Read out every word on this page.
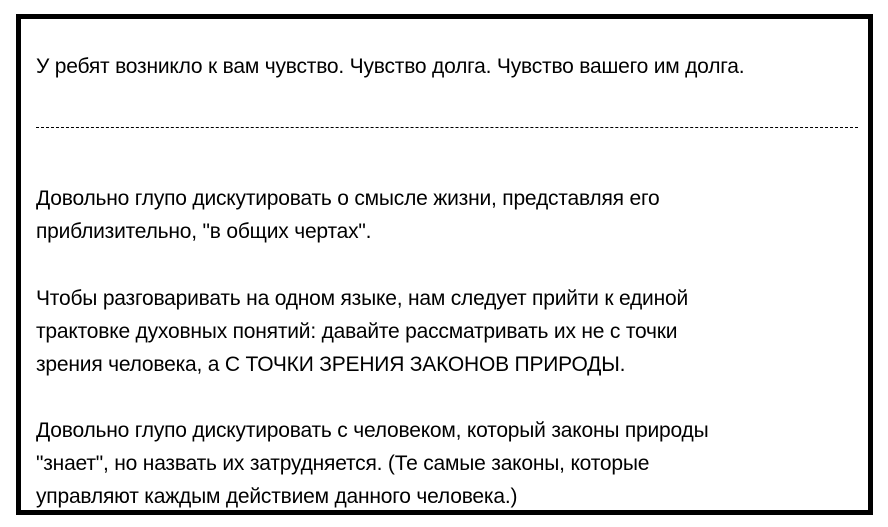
У ребят возникло к вам чувство. Чувство долга. Чувство вашего им долга.
Довольно глупо дискутировать о смысле жизни, представляя его
приблизительно, "в общих чертах".
Чтобы разговаривать на одном языке, нам следует прийти к единой
трактовке духовных понятий: давайте рассматривать их не с точки
зрения человека, а С ТОЧКИ ЗРЕНИЯ ЗАКОНОВ ПРИРОДЫ.
Довольно глупо дискутировать с человеком, который законы природы
"знает", но назвать их затрудняется. (Те самые законы, которые
управляют каждым действием данного человека.)
